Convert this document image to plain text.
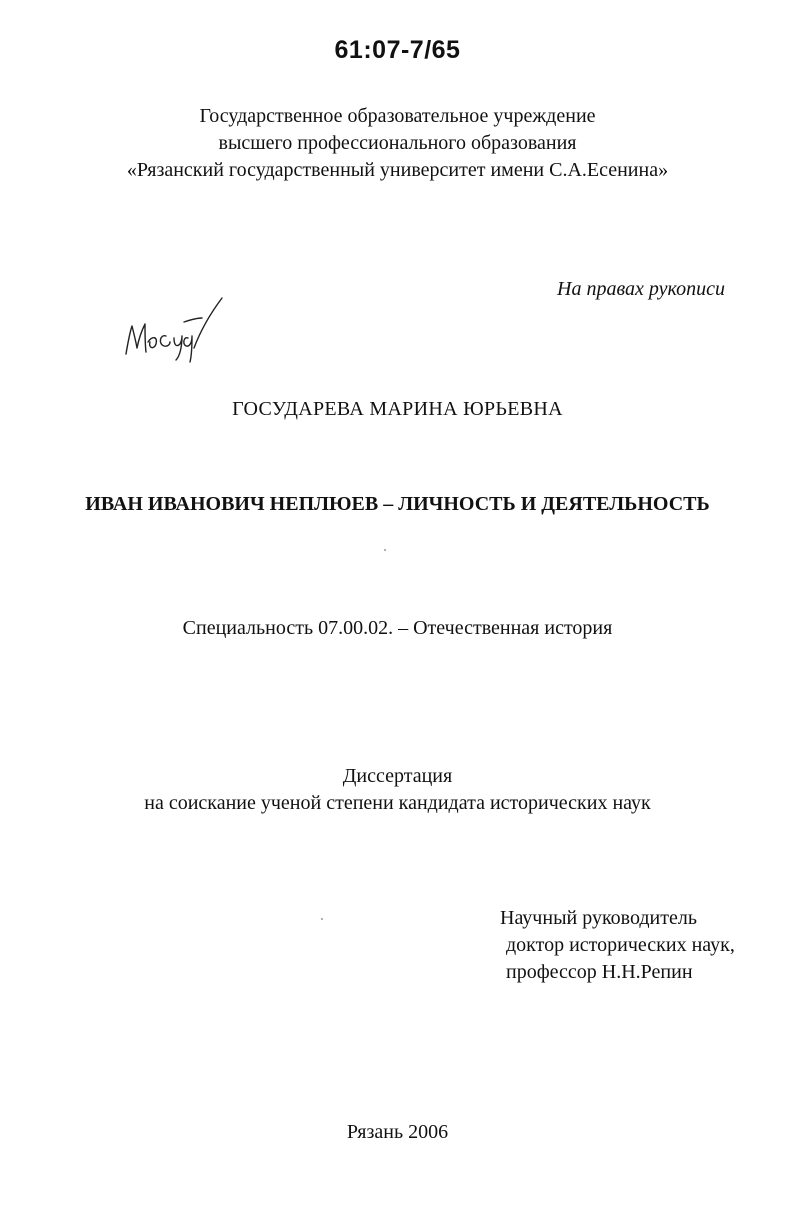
61:07-7/65
Государственное образовательное учреждение
высшего профессионального образования
«Рязанский государственный университет имени С.А.Есенина»
На правах рукописи
ГОСУДАРЕВА МАРИНА ЮРЬЕВНА
ИВАН ИВАНОВИЧ НЕПЛЮЕВ – ЛИЧНОСТЬ И ДЕЯТЕЛЬНОСТЬ
Специальность 07.00.02. – Отечественная история
Диссертация
на соискание ученой степени кандидата исторических наук
Научный руководитель
доктор исторических наук,
профессор Н.Н.Репин
Рязань 2006
